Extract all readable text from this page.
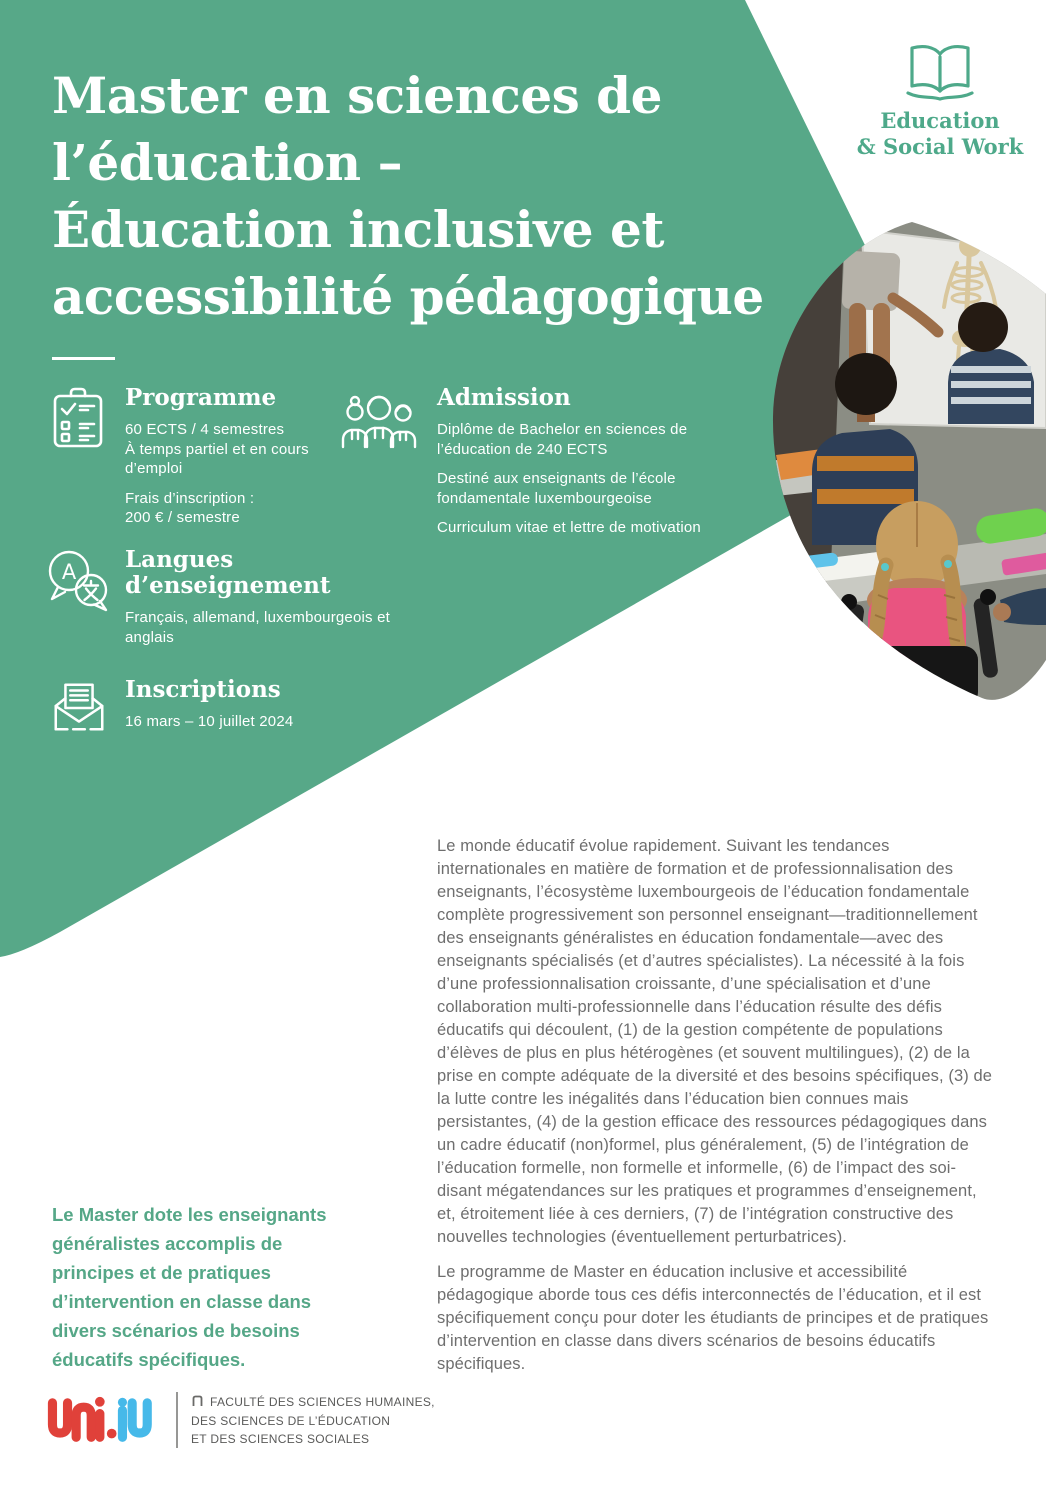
Master en sciences de
l’éducation –
Éducation inclusive et
accessibilité pédagogique
Education
& Social Work
Programme

60 ECTS / 4 semestres
À temps partiel et en cours d’emploi

Frais d’inscription :
200 € / semestre

Admission

Diplôme de Bachelor en sciences de l’éducation de 240 ECTS

Destiné aux enseignants de l’école fondamentale luxembourgeoise

Curriculum vitae et lettre de motivation

A Langues d’enseignement

Français, allemand, luxembourgeois et anglais

Inscriptions

16 mars – 10 juillet 2024

Le Master dote les enseignants généralistes accomplis de principes et de pratiques d’intervention en classe dans divers scénarios de besoins éducatifs spécifiques.

Le monde éducatif évolue rapidement. Suivant les tendances internationales en matière de formation et de professionnalisation des enseignants, l’écosystème luxembourgeois de l’éducation fondamentale complète progressivement son personnel enseignant—traditionnellement des enseignants généralistes en éducation fondamentale—avec des enseignants spécialisés (et d’autres spécialistes). La nécessité à la fois d’une professionnalisation croissante, d’une spécialisation et d’une collaboration multi-professionnelle dans l’éducation résulte des défis éducatifs qui découlent, (1) de la gestion compétente de populations d’élèves de plus en plus hétérogènes (et souvent multilingues), (2) de la prise en compte adéquate de la diversité et des besoins spécifiques, (3) de la lutte contre les inégalités dans l’éducation bien connues mais persistantes, (4) de la gestion efficace des ressources pédagogiques dans un cadre éducatif (non)formel, plus généralement, (5) de l’intégration de l’éducation formelle, non formelle et informelle, (6) de l’impact des soi-disant mégatendances sur les pratiques et programmes d’enseignement, et, étroitement liée à ces derniers, (7) de l’intégration constructive des nouvelles technologies (éventuellement perturbatrices).

Le programme de Master en éducation inclusive et accessibilité pédagogique aborde tous ces défis interconnectés de l’éducation, et il est spécifiquement conçu pour doter les étudiants de principes et de pratiques d’intervention en classe dans divers scénarios de besoins éducatifs spécifiques.

FACULTÉ DES SCIENCES HUMAINES,
DES SCIENCES DE L’ÉDUCATION
ET DES SCIENCES SOCIALES
